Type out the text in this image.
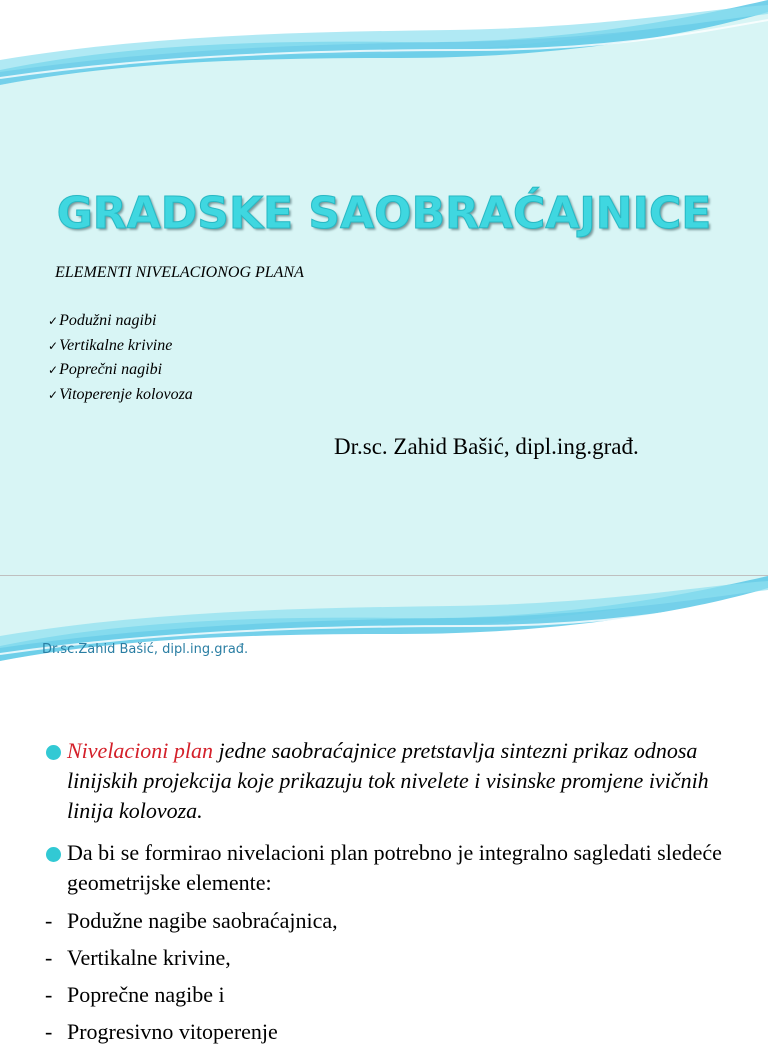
GRADSKE SAOBRAĆAJNICE
ELEMENTI NIVELACIONOG PLANA
✓Podužni nagibi
✓Vertikalne krivine
✓Poprečni nagibi
✓Vitoperenje kolovoza
Dr.sc. Zahid Bašić, dipl.ing.građ.
Dr.sc.Zahid Bašić, dipl.ing.građ.
Nivelacioni plan jedne saobraćajnice pretstavlja sintezni prikaz odnosa linijskih projekcija koje prikazuju tok nivelete i visinske promjene ivičnih linija kolovoza.
Da bi se formirao nivelacioni plan potrebno je integralno sagledati sledeće geometrijske elemente:
- Podužne nagibe saobraćajnica,
- Vertikalne krivine,
- Poprečne nagibe i
- Progresivno vitoperenje
